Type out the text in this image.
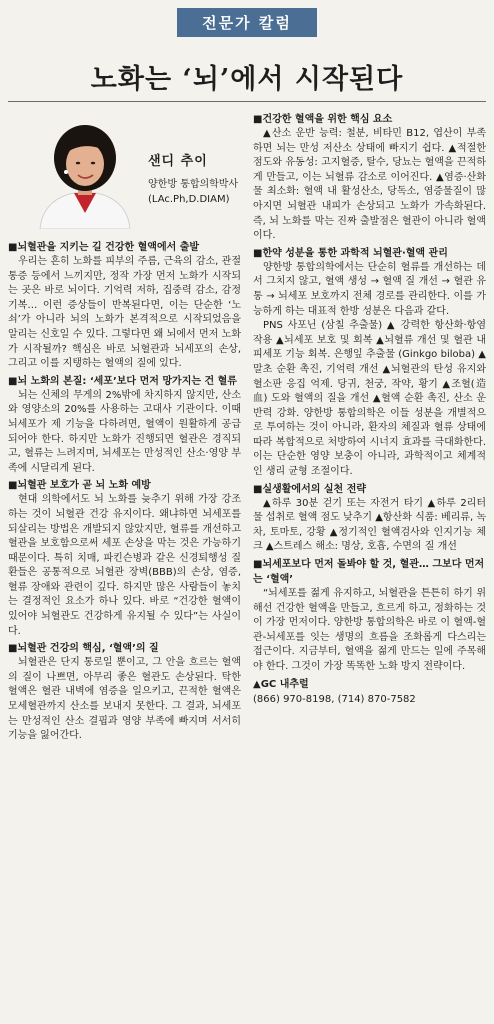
전문가 칼럼
노화는 ‘뇌’에서 시작된다
샌디 추이
양한방 통합의학박사
(LAc.Ph,D.DIAM)
■뇌혈관을 지키는 길 건강한 혈액에서 출발

우리는 흔히 노화를 피부의 주름, 근육의 감소, 관절 통증 등에서 느끼지만, 정작 가장 먼저 노화가 시작되는 곳은 바로 뇌이다. 기억력 저하, 집중력 감소, 감정 기복… 이런 증상들이 반복된다면, 이는 단순한 ‘노쇠’가 아니라 뇌의 노화가 본격적으로 시작되었음을 알리는 신호일 수 있다. 그렇다면 왜 뇌에서 먼저 노화가 시작될까? 핵심은 바로 뇌혈관과 뇌세포의 손상, 그리고 이를 지탱하는 혈액의 질에 있다.

■뇌 노화의 본질: ‘세포’보다 먼저 망가지는 건 혈류

뇌는 신체의 무게의 2%밖에 차지하지 않지만, 산소와 영양소의 20%를 사용하는 고대사 기관이다. 이때 뇌세포가 제 기능을 다하려면, 혈액이 원활하게 공급되어야 한다. 하지만 노화가 진행되면 혈관은 경직되고, 혈류는 느려지며, 뇌세포는 만성적인 산소·영양 부족에 시달리게 된다.

■뇌혈관 보호가 곧 뇌 노화 예방

현대 의학에서도 뇌 노화를 늦추기 위해 가장 강조하는 것이 뇌혈관 건강 유지이다. 왜냐하면 뇌세포를 되살리는 방법은 개발되지 않았지만, 혈류를 개선하고 혈관을 보호함으로써 세포 손상을 막는 것은 가능하기 때문이다. 특히 치매, 파킨슨병과 같은 신경퇴행성 질환들은 공통적으로 뇌혈관 장벽(BBB)의 손상, 염증, 혈류 장애와 관련이 깊다. 하지만 많은 사람들이 놓치는 결정적인 요소가 하나 있다. 바로 “건강한 혈액이 있어야 뇌혈관도 건강하게 유지될 수 있다”는 사실이다.

■뇌혈관 건강의 핵심, ‘혈액’의 질

뇌혈관은 단지 통로일 뿐이고, 그 안을 흐르는 혈액의 질이 나쁘면, 아무리 좋은 혈관도 손상된다. 탁한 혈액은 혈관 내벽에 염증을 일으키고, 끈적한 혈액은 모세혈관까지 산소를 보내지 못한다. 그 결과, 뇌세포는 만성적인 산소 결핍과 영양 부족에 빠지며 서서히 기능을 잃어간다.

■건강한 혈액을 위한 핵심 요소

▲산소 운반 능력: 철분, 비타민 B12, 엽산이 부족하면 뇌는 만성 저산소 상태에 빠지기 쉽다. ▲적절한 점도와 유동성: 고지혈증, 탈수, 당뇨는 혈액을 끈적하게 만들고, 이는 뇌혈류 감소로 이어진다. ▲염증·산화물 최소화: 혈액 내 활성산소, 당독소, 염증물질이 많아지면 뇌혈관 내피가 손상되고 노화가 가속화된다. 즉, 뇌 노화를 막는 진짜 출발점은 혈관이 아니라 혈액이다.

■한약 성분을 통한 과학적 뇌혈관·혈액 관리

양한방 통합의학에서는 단순히 혈류를 개선하는 데서 그치지 않고, 혈액 생성 → 혈액 질 개선 → 혈관 유통 → 뇌세포 보호까지 전체 경로를 관리한다. 이를 가능하게 하는 대표적 한방 성분은 다음과 같다.

PNS 사포닌 (삼칠 추출물) ▲ 강력한 항산화·항염 작용 ▲뇌세포 보호 및 회복 ▲뇌혈류 개선 및 혈관 내피세포 기능 회복. 은행잎 추출물 (Ginkgo biloba) ▲말초 순환 촉진, 기억력 개선 ▲뇌혈관의 탄성 유지와 혈소판 응집 억제. 당귀, 천궁, 작약, 황기 ▲조혈(造血) 도와 혈액의 질을 개선 ▲혈액 순환 촉진, 산소 운반력 강화. 양한방 통합의학은 이들 성분을 개별적으로 투여하는 것이 아니라, 환자의 체질과 혈류 상태에 따라 복합적으로 처방하여 시너지 효과를 극대화한다. 이는 단순한 영양 보충이 아니라, 과학적이고 체계적인 생리 균형 조절이다.

■실생활에서의 실천 전략

▲하루 30분 걷기 또는 자전거 타기 ▲하루 2리터 물 섭취로 혈액 점도 낮추기 ▲항산화 식품: 베리류, 녹차, 토마토, 강황 ▲정기적인 혈액검사와 인지기능 체크 ▲스트레스 해소: 명상, 호흡, 수면의 질 개선

■뇌세포보다 먼저 돌봐야 할 것, 혈관… 그보다 먼저는 ‘혈액’

“뇌세포를 젊게 유지하고, 뇌혈관을 튼튼히 하기 위해선 건강한 혈액을 만들고, 흐르게 하고, 정화하는 것이 가장 먼저이다. 양한방 통합의학은 바로 이 혈액-혈관-뇌세포를 잇는 생명의 흐름을 조화롭게 다스리는 접근이다. 지금부터, 혈액을 젊게 만드는 일에 주목해야 한다. 그것이 가장 똑똑한 노화 방지 전략이다.

▲GC 내추럴
(866) 970-8198, (714) 870-7582
